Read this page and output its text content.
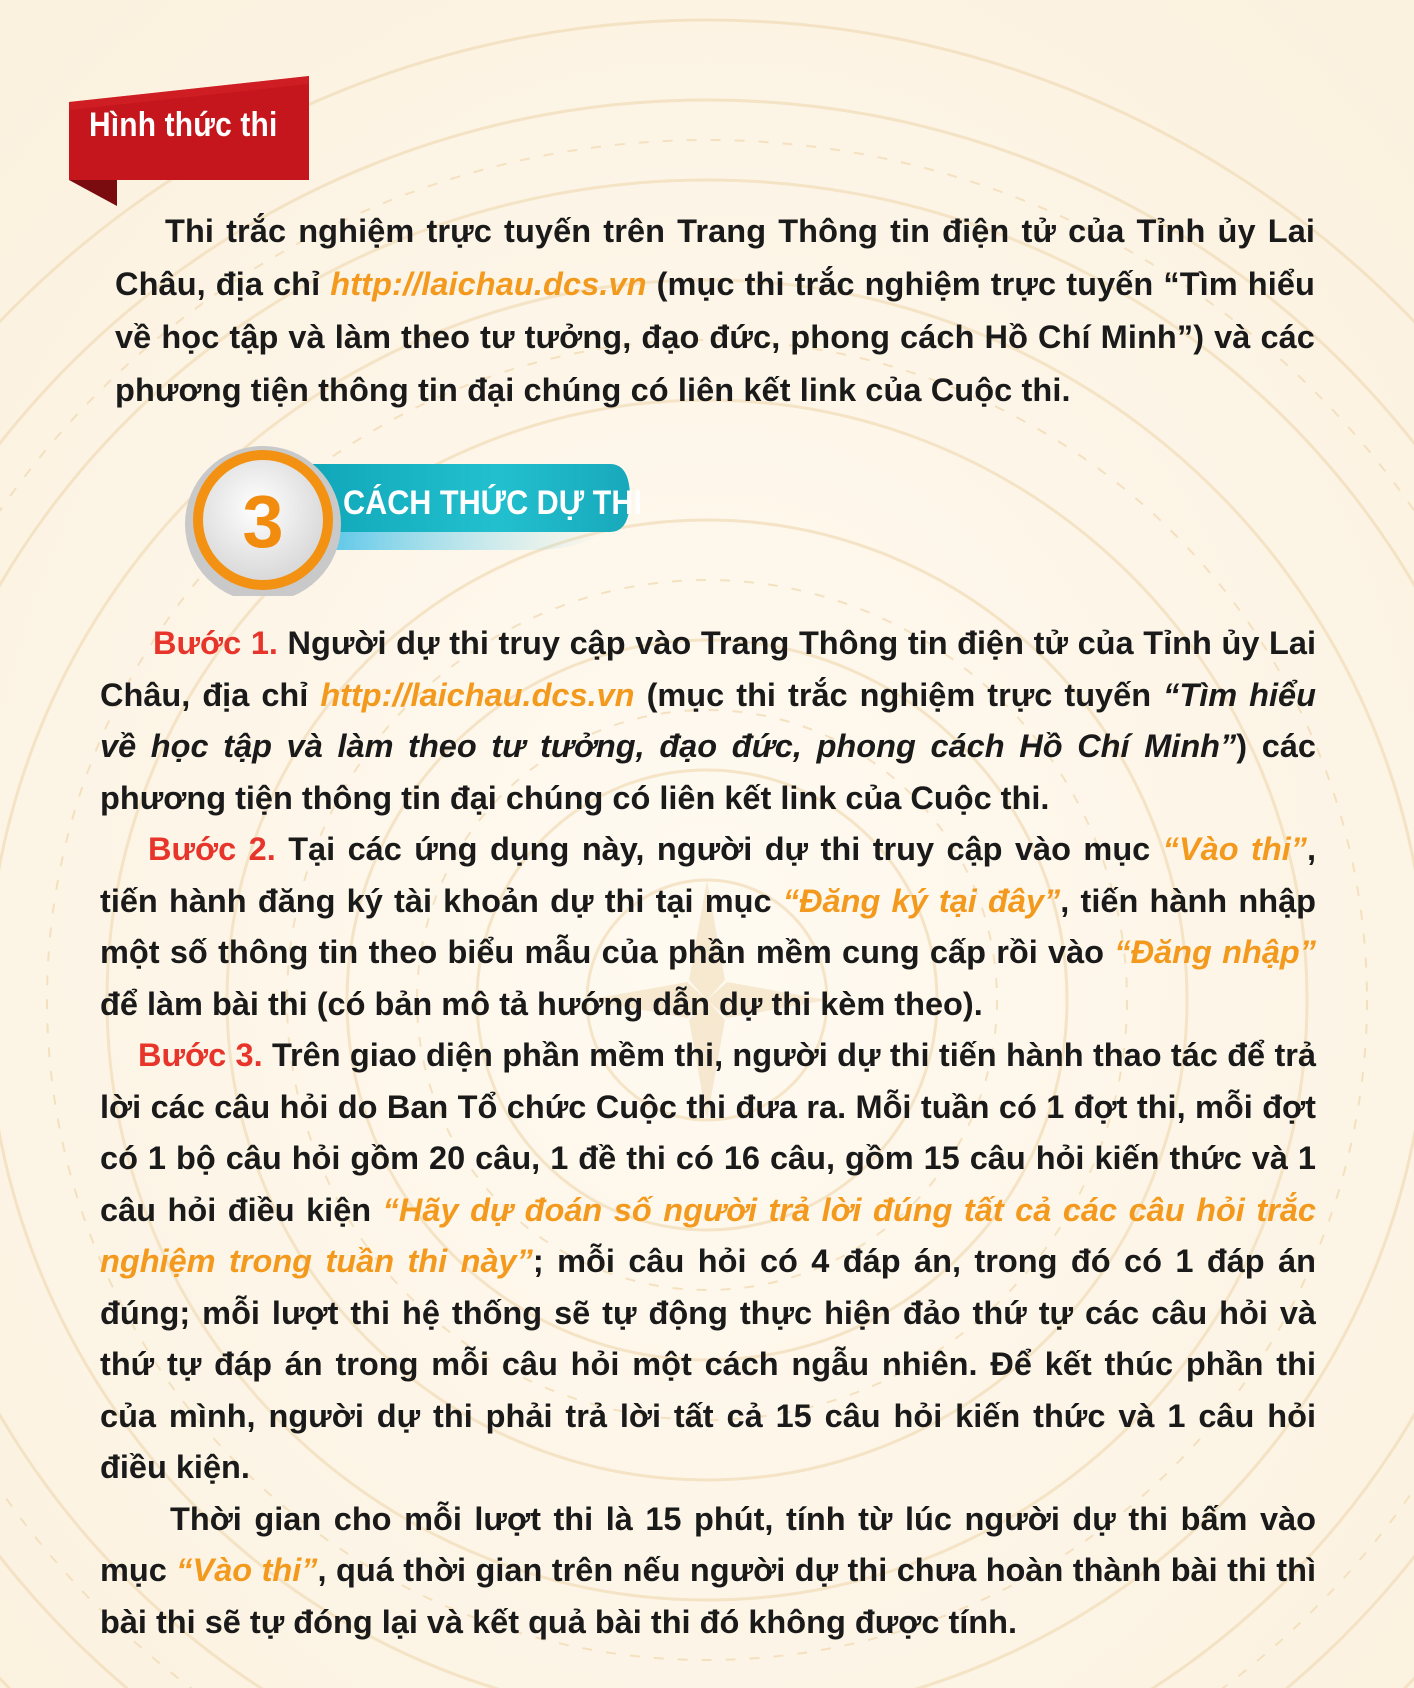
Hình thức thi

Thi trắc nghiệm trực tuyến trên Trang Thông tin điện tử của Tỉnh ủy Lai Châu, địa chỉ http://laichau.dcs.vn (mục thi trắc nghiệm trực tuyến “Tìm hiểu về học tập và làm theo tư tưởng, đạo đức, phong cách Hồ Chí Minh”) và các phương tiện thông tin đại chúng có liên kết link của Cuộc thi.

3	CÁCH THỨC DỰ THI

Bước 1. Người dự thi truy cập vào Trang Thông tin điện tử của Tỉnh ủy Lai Châu, địa chỉ http://laichau.dcs.vn (mục thi trắc nghiệm trực tuyến “Tìm hiểu về học tập và làm theo tư tưởng, đạo đức, phong cách Hồ Chí Minh”) các phương tiện thông tin đại chúng có liên kết link của Cuộc thi.

Bước 2. Tại các ứng dụng này, người dự thi truy cập vào mục “Vào thi”, tiến hành đăng ký tài khoản dự thi tại mục “Đăng ký tại đây”, tiến hành nhập một số thông tin theo biểu mẫu của phần mềm cung cấp rồi vào “Đăng nhập” để làm bài thi (có bản mô tả hướng dẫn dự thi kèm theo).

Bước 3. Trên giao diện phần mềm thi, người dự thi tiến hành thao tác để trả lời các câu hỏi do Ban Tổ chức Cuộc thi đưa ra. Mỗi tuần có 1 đợt thi, mỗi đợt có 1 bộ câu hỏi gồm 20 câu, 1 đề thi có 16 câu, gồm 15 câu hỏi kiến thức và 1 câu hỏi điều kiện “Hãy dự đoán số người trả lời đúng tất cả các câu hỏi trắc nghiệm trong tuần thi này”; mỗi câu hỏi có 4 đáp án, trong đó có 1 đáp án đúng; mỗi lượt thi hệ thống sẽ tự động thực hiện đảo thứ tự các câu hỏi và thứ tự đáp án trong mỗi câu hỏi một cách ngẫu nhiên. Để kết thúc phần thi của mình, người dự thi phải trả lời tất cả 15 câu hỏi kiến thức và 1 câu hỏi điều kiện.

Thời gian cho mỗi lượt thi là 15 phút, tính từ lúc người dự thi bấm vào mục “Vào thi”, quá thời gian trên nếu người dự thi chưa hoàn thành bài thi thì bài thi sẽ tự đóng lại và kết quả bài thi đó không được tính.
